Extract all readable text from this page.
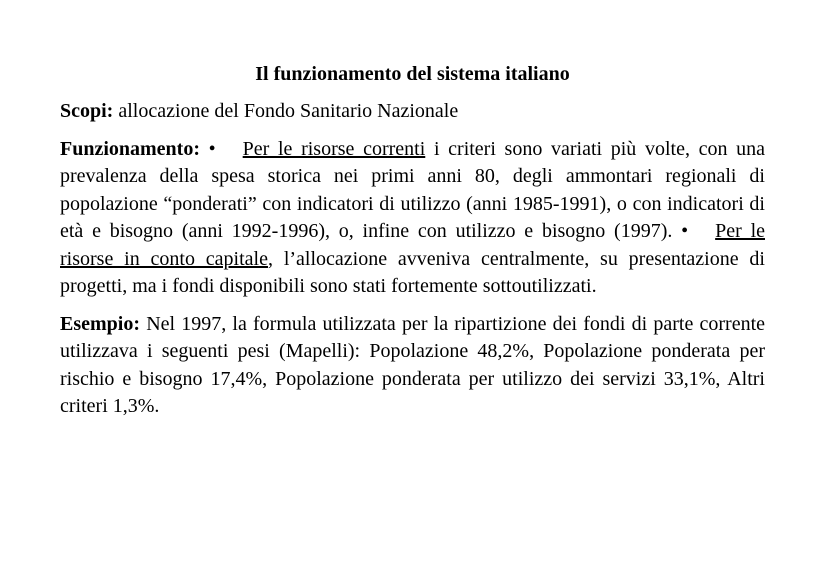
Il funzionamento del sistema italiano

Scopi: allocazione del Fondo Sanitario Nazionale

Funzionamento: • Per le risorse correnti i criteri sono variati più volte, con una prevalenza della spesa storica nei primi anni 80, degli ammontari regionali di popolazione “ponderati” con indicatori di utilizzo (anni 1985-1991), o con indicatori di età e bisogno (anni 1992-1996), o, infine con utilizzo e bisogno (1997). • Per le risorse in conto capitale, l’allocazione avveniva centralmente, su presentazione di progetti, ma i fondi disponibili sono stati fortemente sottoutilizzati.

Esempio: Nel 1997, la formula utilizzata per la ripartizione dei fondi di parte corrente utilizzava i seguenti pesi (Mapelli): Popolazione 48,2%, Popolazione ponderata per rischio e bisogno 17,4%, Popolazione ponderata per utilizzo dei servizi 33,1%, Altri criteri 1,3%.
